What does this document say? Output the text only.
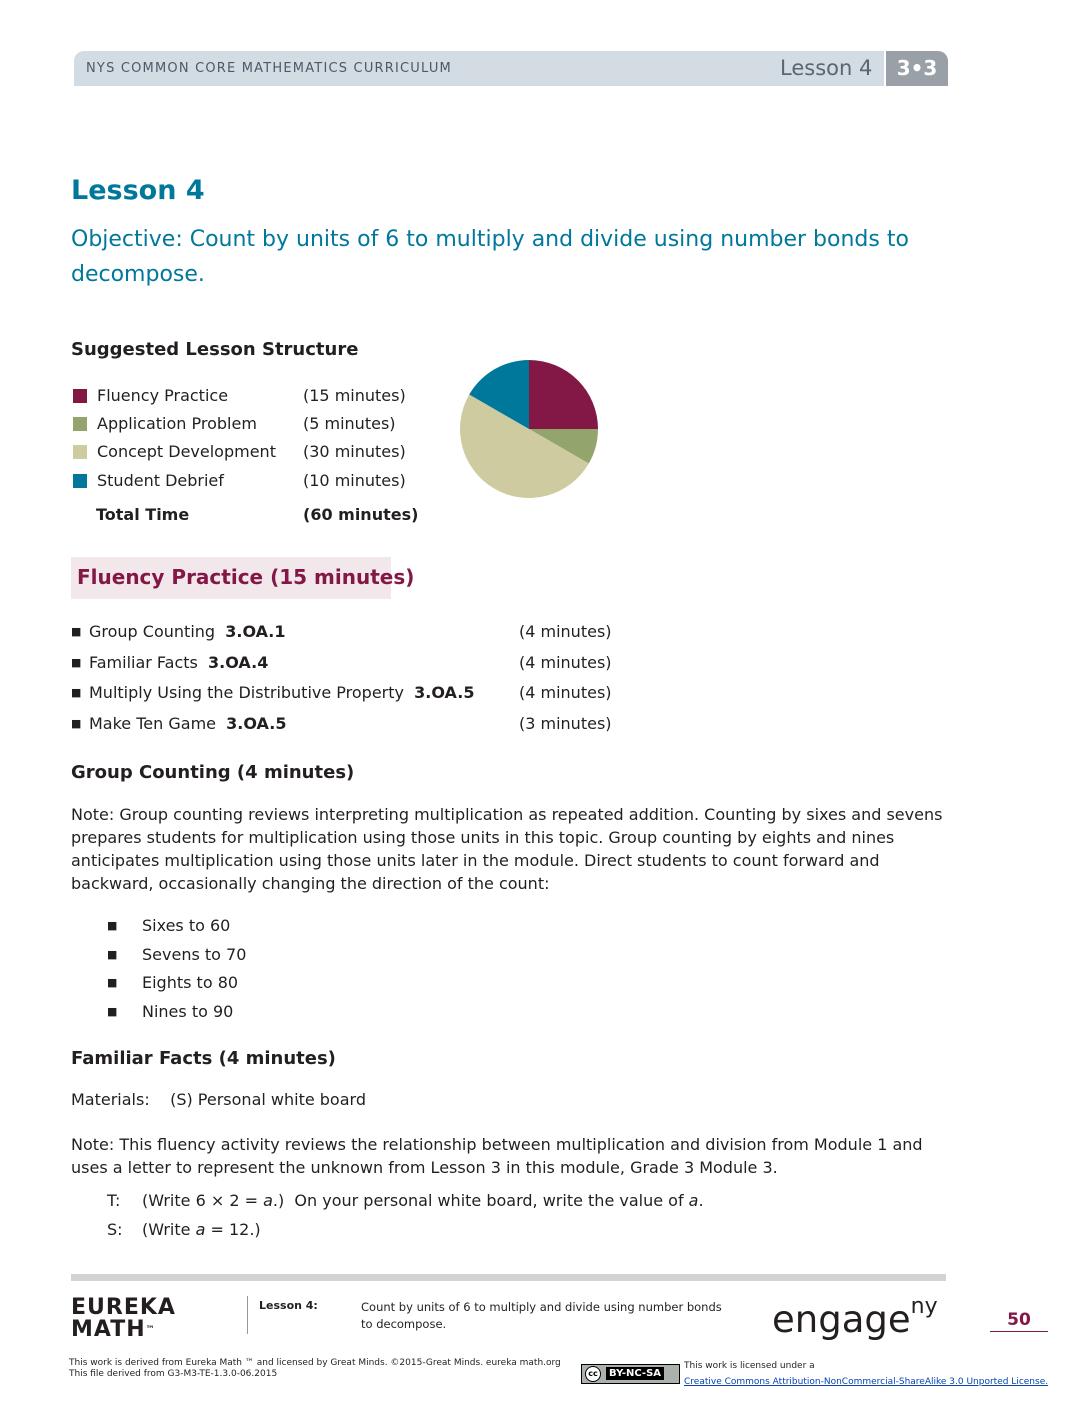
NYS COMMON CORE MATHEMATICS CURRICULUM	Lesson 4	3•3
Lesson 4
Objective: Count by units of 6 to multiply and divide using number bonds to decompose.
Suggested Lesson Structure
Fluency Practice	(15 minutes)
Application Problem	(5 minutes)
Concept Development (30 minutes)
Student Debrief	(10 minutes)
Total Time	(60 minutes)
Fluency Practice (15 minutes)
■ Group Counting 3.OA.1	(4 minutes)
■ Familiar Facts 3.OA.4	(4 minutes)
■ Multiply Using the Distributive Property 3.OA.5	(4 minutes)
■ Make Ten Game 3.OA.5	(3 minutes)
Group Counting (4 minutes)
Note: Group counting reviews interpreting multiplication as repeated addition. Counting by sixes and sevens prepares students for multiplication using those units in this topic. Group counting by eights and nines anticipates multiplication using those units later in the module. Direct students to count forward and backward, occasionally changing the direction of the count:
■ Sixes to 60
■ Sevens to 70
■ Eights to 80
■ Nines to 90
Familiar Facts (4 minutes)
Materials:    (S) Personal white board
Note: This fluency activity reviews the relationship between multiplication and division from Module 1 and uses a letter to represent the unknown from Lesson 3 in this module, Grade 3 Module 3.
T: (Write 6 × 2 = a.)  On your personal white board, write the value of a.
S: (Write a = 12.)
EUREKA
MATH™
Lesson 4:	Count by units of 6 to multiply and divide using number bonds
to decompose.	engage$^{ny}$
50
This work is derived from Eureka Math ™ and licensed by Great Minds. ©2015-Great Minds. eureka math.org
This file derived from G3-M3-TE-1.3.0-06.2015	cc	BY-NC-SA
This work is licensed under a
Creative Commons Attribution-NonCommercial-ShareAlike 3.0 Unported License.
